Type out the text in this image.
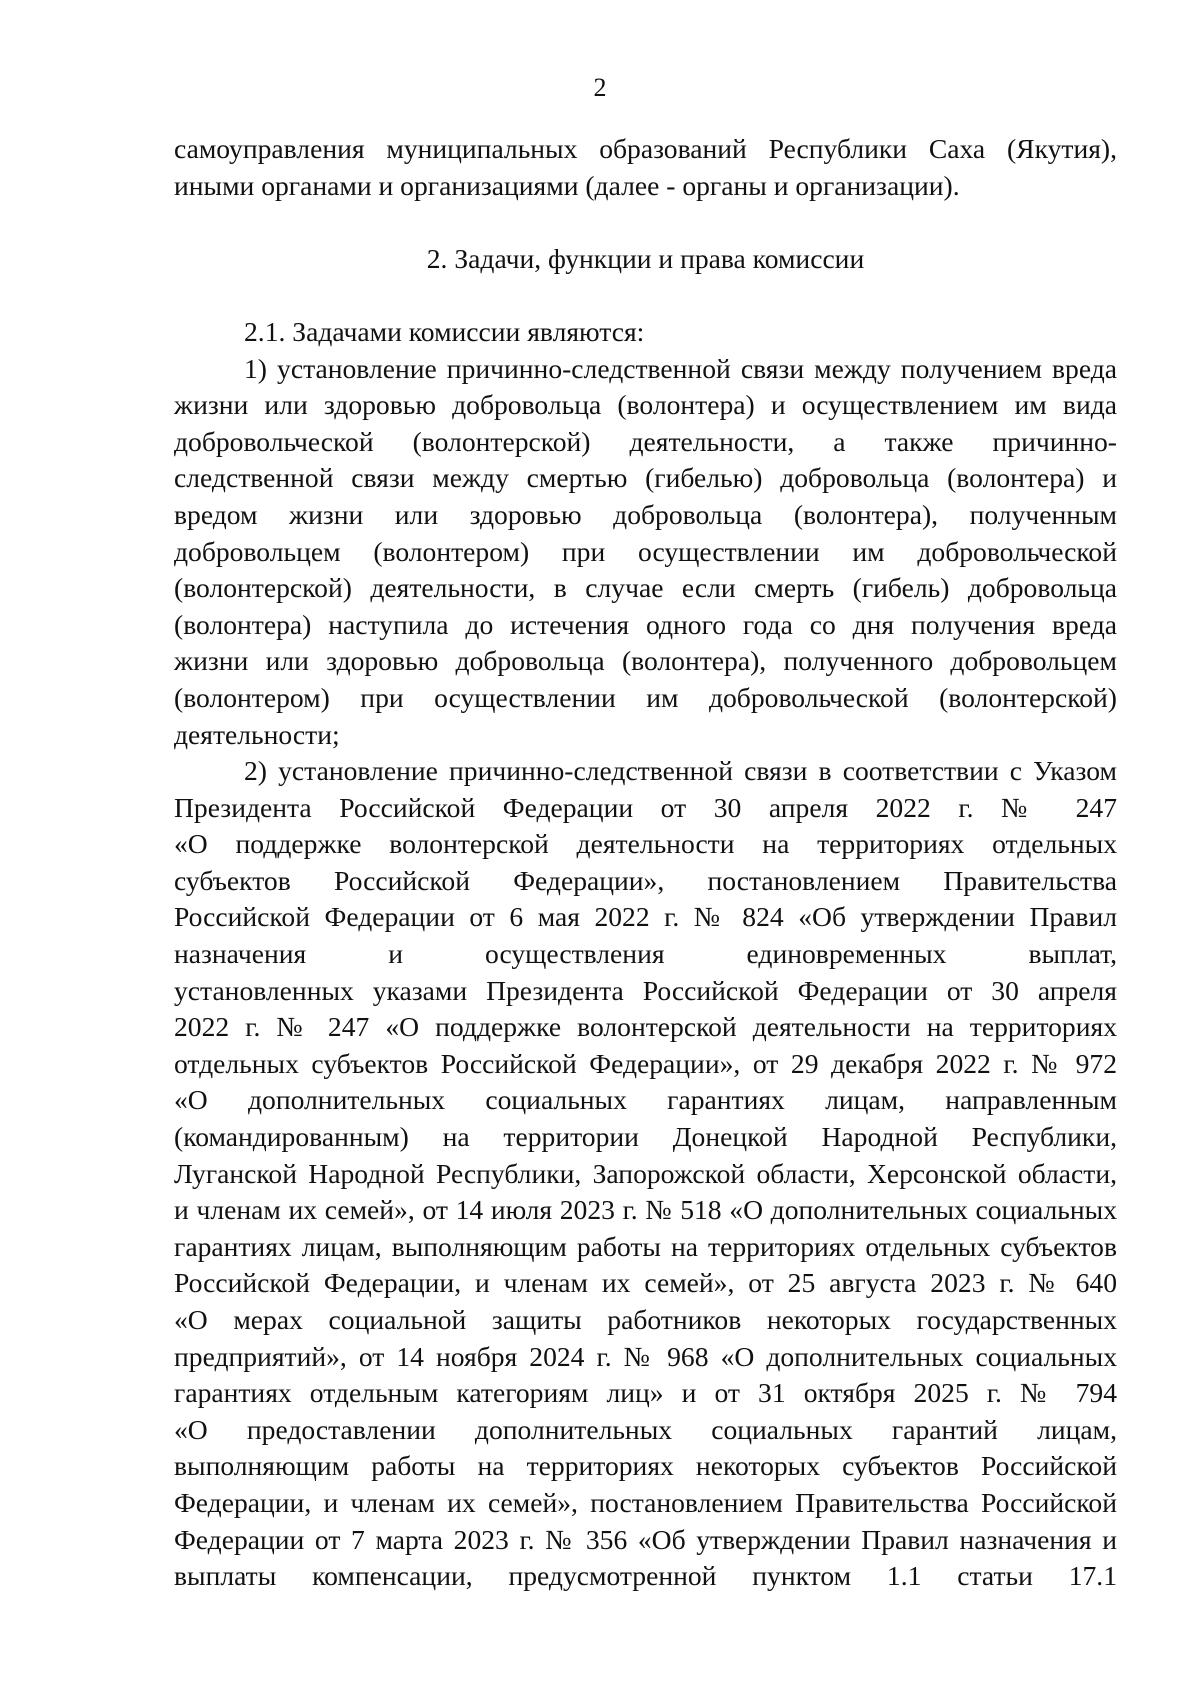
2
самоуправления муниципальных образований Республики Саха (Якутия),
иными органами и организациями (далее - органы и организации).
2. Задачи, функции и права комиссии
2.1. Задачами комиссии являются:
1) установление причинно-следственной связи между получением вреда
жизни или здоровью добровольца (волонтера) и осуществлением им вида
добровольческой (волонтерской) деятельности, а также причинно-
следственной связи между смертью (гибелью) добровольца (волонтера) и
вредом жизни или здоровью добровольца (волонтера), полученным
добровольцем (волонтером) при осуществлении им добровольческой
(волонтерской) деятельности, в случае если смерть (гибель) добровольца
(волонтера) наступила до истечения одного года со дня получения вреда
жизни или здоровью добровольца (волонтера), полученного добровольцем
(волонтером) при осуществлении им добровольческой (волонтерской)
деятельности;
2) установление причинно-следственной связи в соответствии с Указом
Президента Российской Федерации от 30 апреля 2022 г. № 247
«О поддержке волонтерской деятельности на территориях отдельных
субъектов Российской Федерации», постановлением Правительства
Российской Федерации от 6 мая 2022 г. № 824 «Об утверждении Правил
назначения и осуществления единовременных выплат,
установленных указами Президента Российской Федерации от 30 апреля
2022 г. № 247 «О поддержке волонтерской деятельности на территориях
отдельных субъектов Российской Федерации», от 29 декабря 2022 г. № 972
«О дополнительных социальных гарантиях лицам, направленным
(командированным) на территории Донецкой Народной Республики,
Луганской Народной Республики, Запорожской области, Херсонской области,
и членам их семей», от 14 июля 2023 г. № 518 «О дополнительных социальных
гарантиях лицам, выполняющим работы на территориях отдельных субъектов
Российской Федерации, и членам их семей», от 25 августа 2023 г. № 640
«О мерах социальной защиты работников некоторых государственных
предприятий», от 14 ноября 2024 г. № 968 «О дополнительных социальных
гарантиях отдельным категориям лиц» и от 31 октября 2025 г. № 794
«О предоставлении дополнительных социальных гарантий лицам,
выполняющим работы на территориях некоторых субъектов Российской
Федерации, и членам их семей», постановлением Правительства Российской
Федерации от 7 марта 2023 г. № 356 «Об утверждении Правил назначения и
выплаты компенсации, предусмотренной пунктом 1.1 статьи 17.1
